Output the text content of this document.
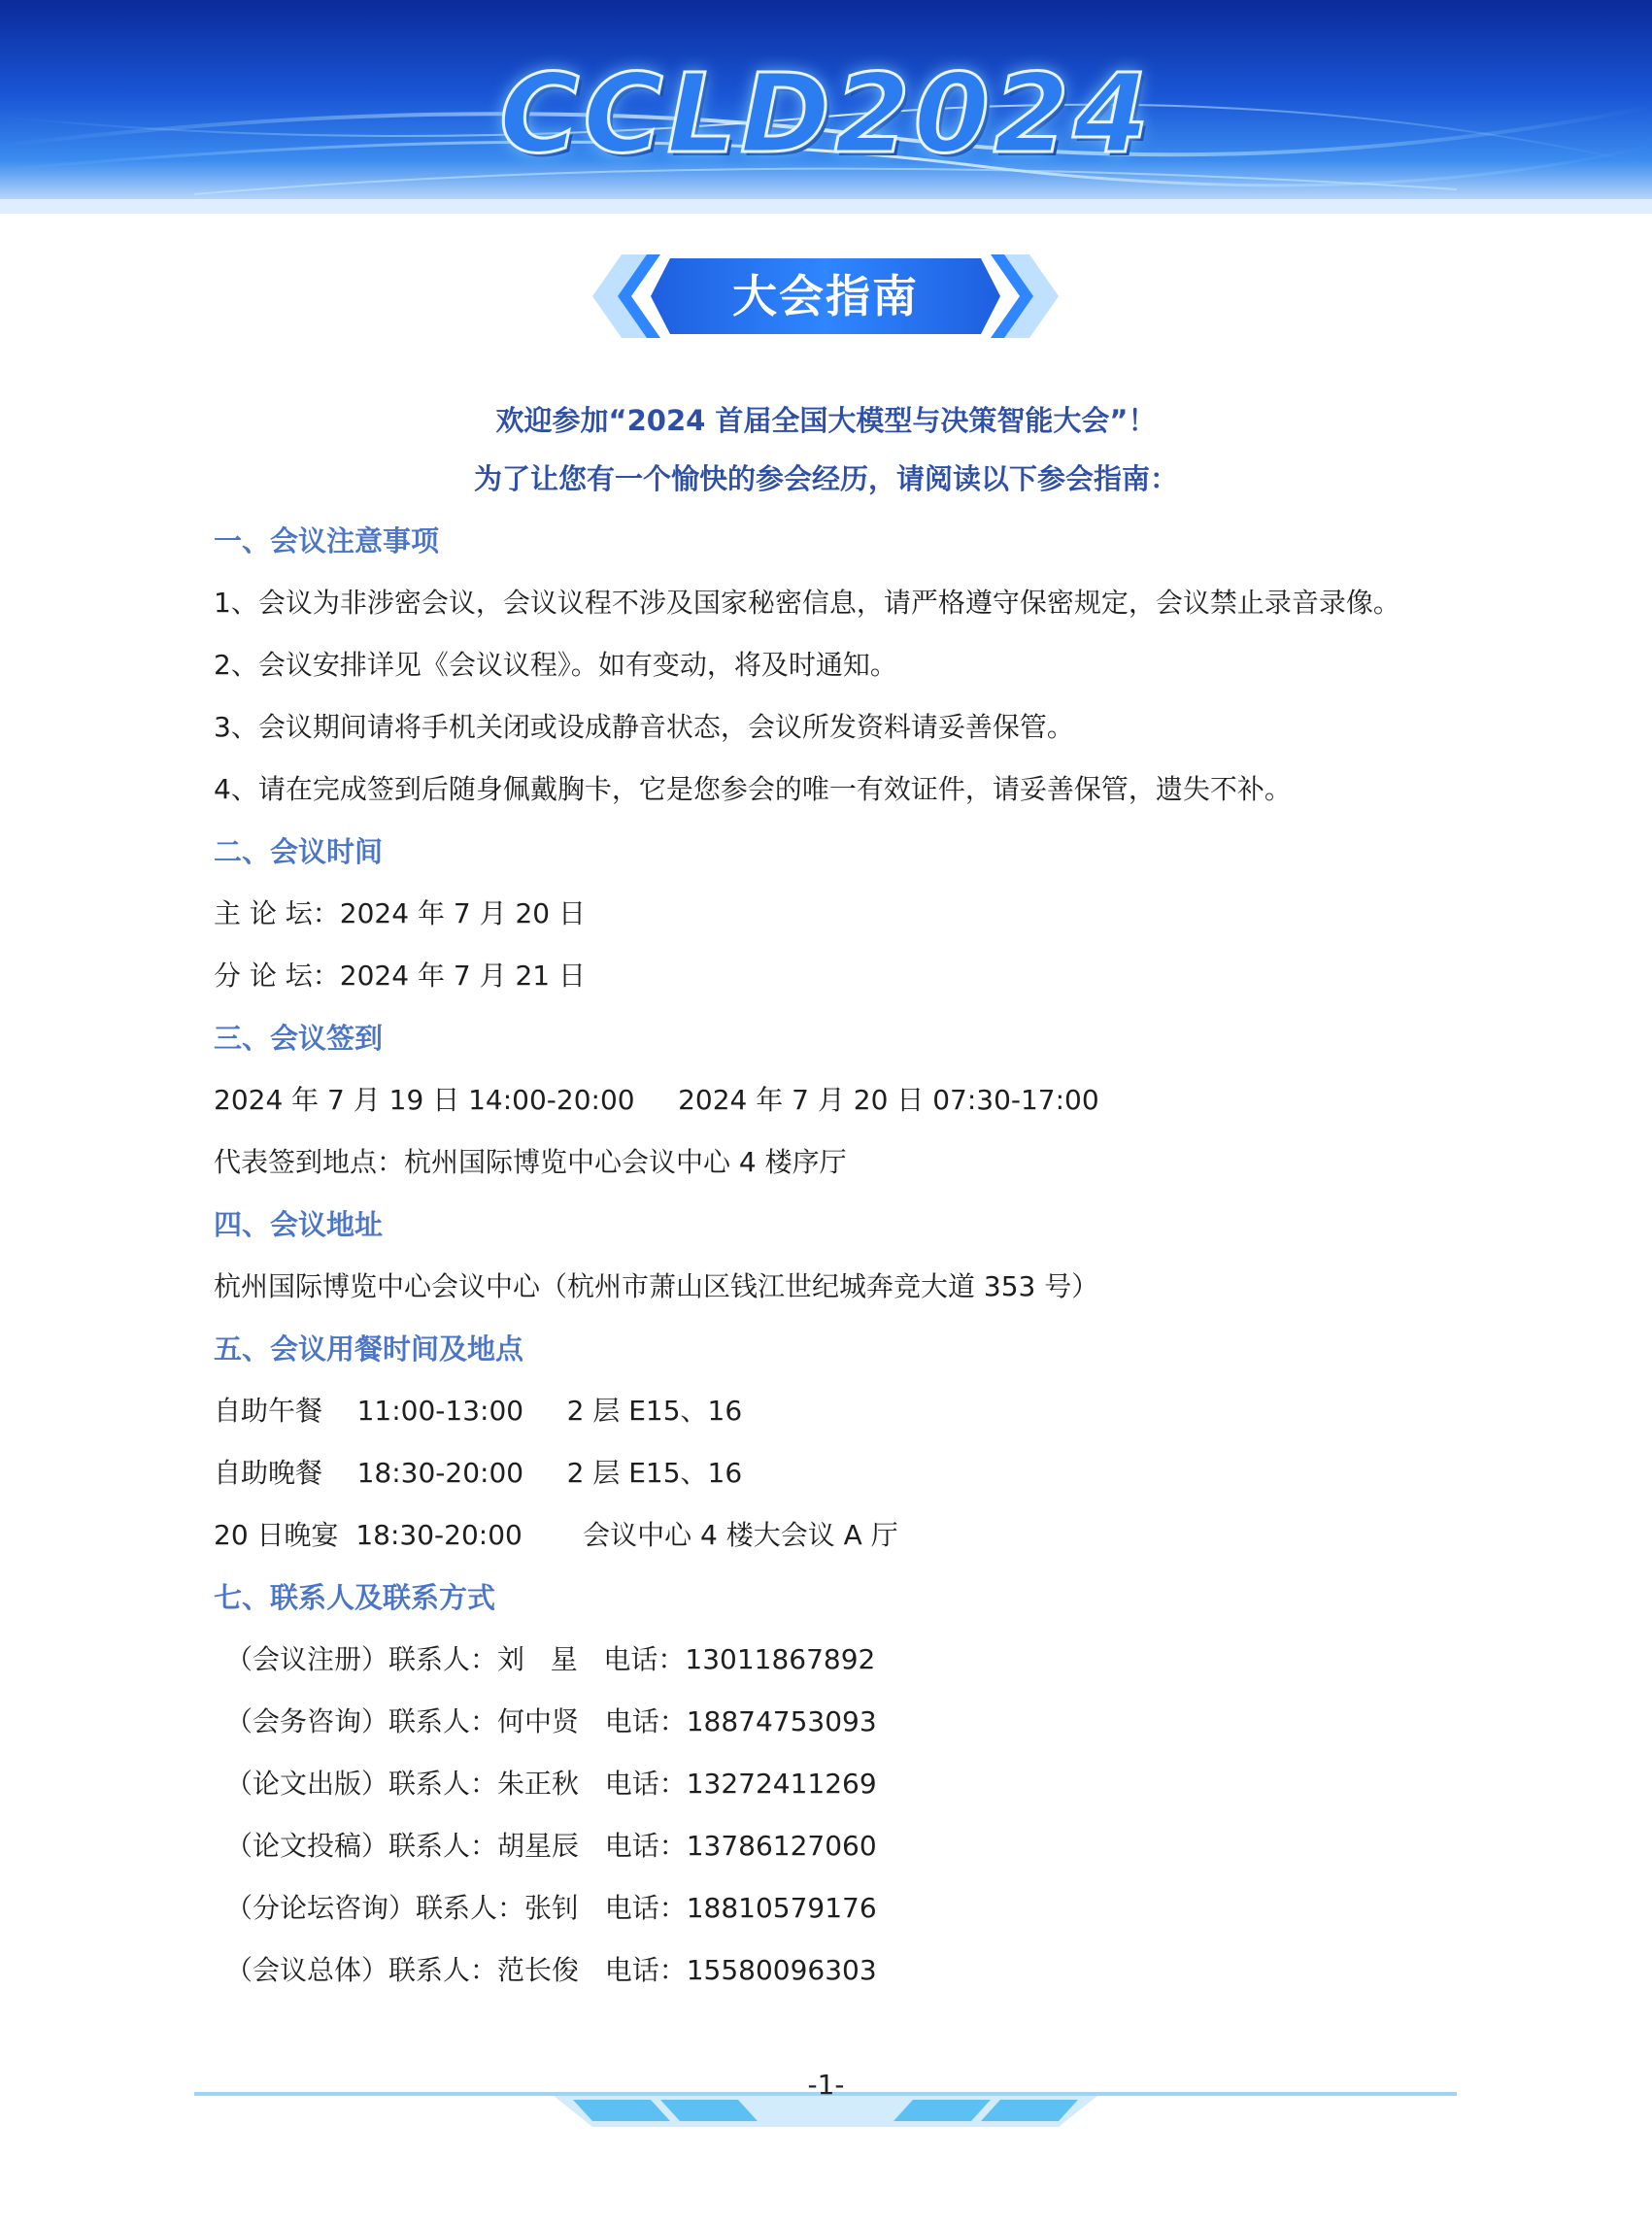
CCLD2024
大会指南
欢迎参加“2024 首届全国大模型与决策智能大会”！
为了让您有一个愉快的参会经历，请阅读以下参会指南：
一、会议注意事项
1、会议为非涉密会议，会议议程不涉及国家秘密信息，请严格遵守保密规定，会议禁止录音录像。
2、会议安排详见《会议议程》。如有变动，将及时通知。
3、会议期间请将手机关闭或设成静音状态，会议所发资料请妥善保管。
4、请在完成签到后随身佩戴胸卡，它是您参会的唯一有效证件，请妥善保管，遗失不补。
二、会议时间
主 论 坛：2024 年 7 月 20 日
分 论 坛：2024 年 7 月 21 日
三、会议签到
2024 年 7 月 19 日 14:00-20:00     2024 年 7 月 20 日 07:30-17:00
代表签到地点：杭州国际博览中心会议中心 4 楼序厅
四、会议地址
杭州国际博览中心会议中心（杭州市萧山区钱江世纪城奔竞大道 353 号）
五、会议用餐时间及地点
自助午餐    11:00-13:00     2 层 E15、16
自助晚餐    18:30-20:00     2 层 E15、16
20 日晚宴  18:30-20:00       会议中心 4 楼大会议 A 厅
七、联系人及联系方式
（会议注册）联系人：刘   星   电话：13011867892
（会务咨询）联系人：何中贤   电话：18874753093
（论文出版）联系人：朱正秋   电话：13272411269
（论文投稿）联系人：胡星辰   电话：13786127060
（分论坛咨询）联系人：张钊   电话：18810579176
（会议总体）联系人：范长俊   电话：15580096303
-1-
